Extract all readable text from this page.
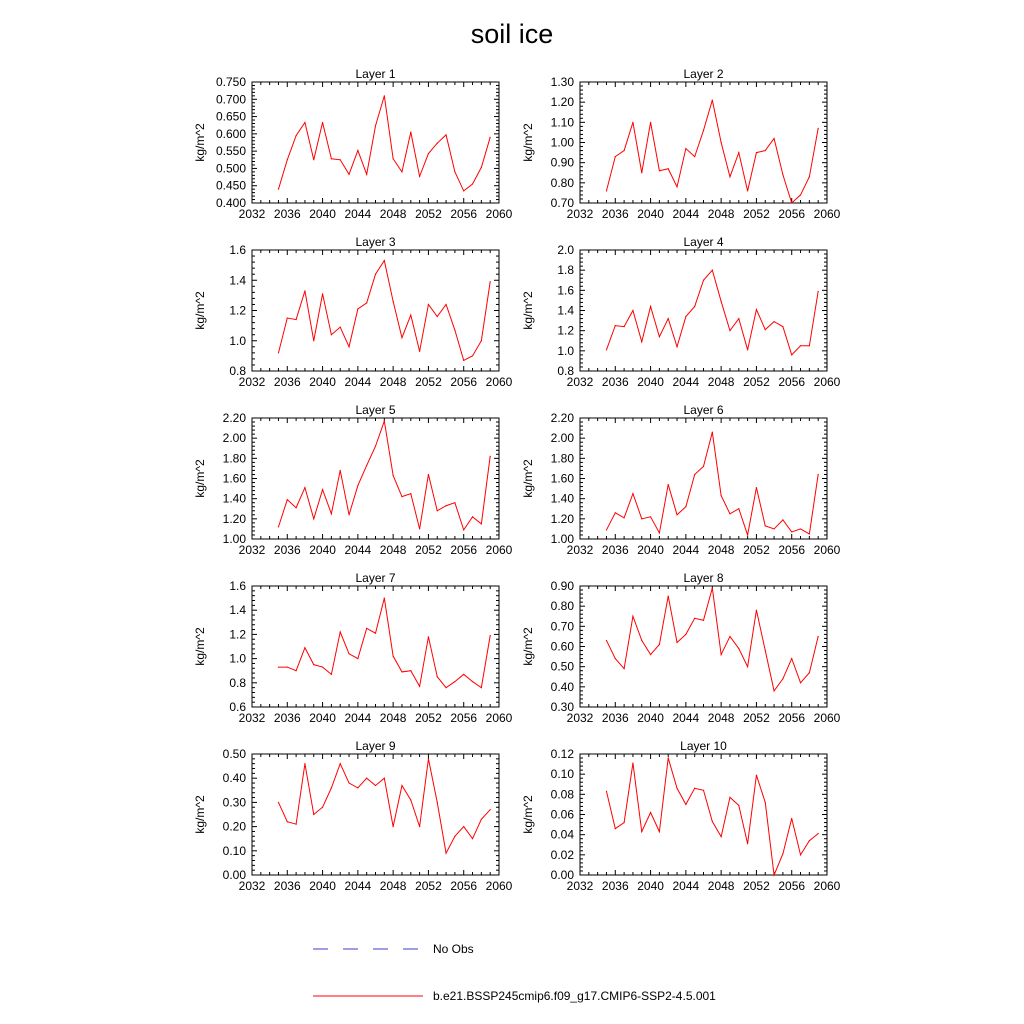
soil ice
Layer 1
2032 2036 2040 2044 2048 2052 2056 2060
0.400
0.450
0.500
0.550
0.600
0.650
0.700
0.750
kg/m^2
Layer 2
2032 2036 2040 2044 2048 2052 2056 2060
0.70
0.80
0.90
1.00
1.10
1.20
1.30
kg/m^2
Layer 3
2032 2036 2040 2044 2048 2052 2056 2060
0.8
1.0
1.2
1.4
1.6
kg/m^2
Layer 4
2032 2036 2040 2044 2048 2052 2056 2060
0.8
1.0
1.2
1.4
1.6
1.8
2.0
kg/m^2
Layer 5
2032 2036 2040 2044 2048 2052 2056 2060
1.00
1.20
1.40
1.60
1.80
2.00
2.20
kg/m^2
Layer 6
2032 2036 2040 2044 2048 2052 2056 2060
1.00
1.20
1.40
1.60
1.80
2.00
2.20
kg/m^2
Layer 7
2032 2036 2040 2044 2048 2052 2056 2060
0.6
0.8
1.0
1.2
1.4
1.6
kg/m^2
Layer 8
2032 2036 2040 2044 2048 2052 2056 2060
0.30
0.40
0.50
0.60
0.70
0.80
0.90
kg/m^2
Layer 9
2032 2036 2040 2044 2048 2052 2056 2060
0.00
0.10
0.20
0.30
0.40
0.50
kg/m^2
Layer 10
2032 2036 2040 2044 2048 2052 2056 2060
0.00
0.02
0.04
0.06
0.08
0.10
0.12
kg/m^2
No Obs
b.e21.BSSP245cmip6.f09_g17.CMIP6-SSP2-4.5.001
